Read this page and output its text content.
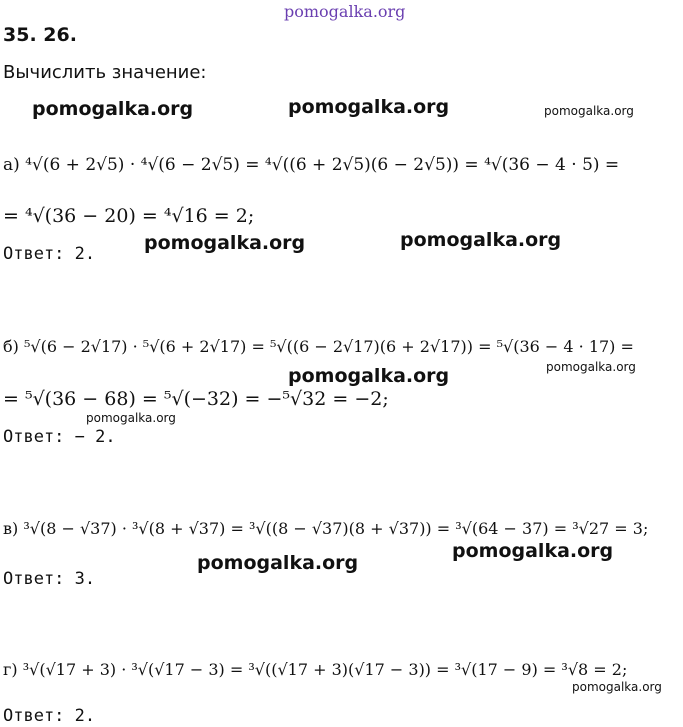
pomogalka.org
35. 26.
Вычислить значение:
pomogalka.org	pomogalka.org	pomogalka.org
а) ⁴√(6 + 2√5) · ⁴√(6 − 2√5) = ⁴√((6 + 2√5)(6 − 2√5)) = ⁴√(36 − 4 · 5) =
= ⁴√(36 − 20) = ⁴√16 = 2;
pomogalka.org	pomogalka.org
Ответ: 2.
б) ⁵√(6 − 2√17) · ⁵√(6 + 2√17) = ⁵√((6 − 2√17)(6 + 2√17)) = ⁵√(36 − 4 · 17) =
pomogalka.org	pomogalka.org
= ⁵√(36 − 68) = ⁵√(−32) = −⁵√32 = −2;
pomogalka.org
Ответ: − 2.
в) ³√(8 − √37) · ³√(8 + √37) = ³√((8 − √37)(8 + √37)) = ³√(64 − 37) = ³√27 = 3;
pomogalka.org
pomogalka.org
Ответ: 3.
г) ³√(√17 + 3) · ³√(√17 − 3) = ³√((√17 + 3)(√17 − 3)) = ³√(17 − 9) = ³√8 = 2;
pomogalka.org
Ответ: 2.
